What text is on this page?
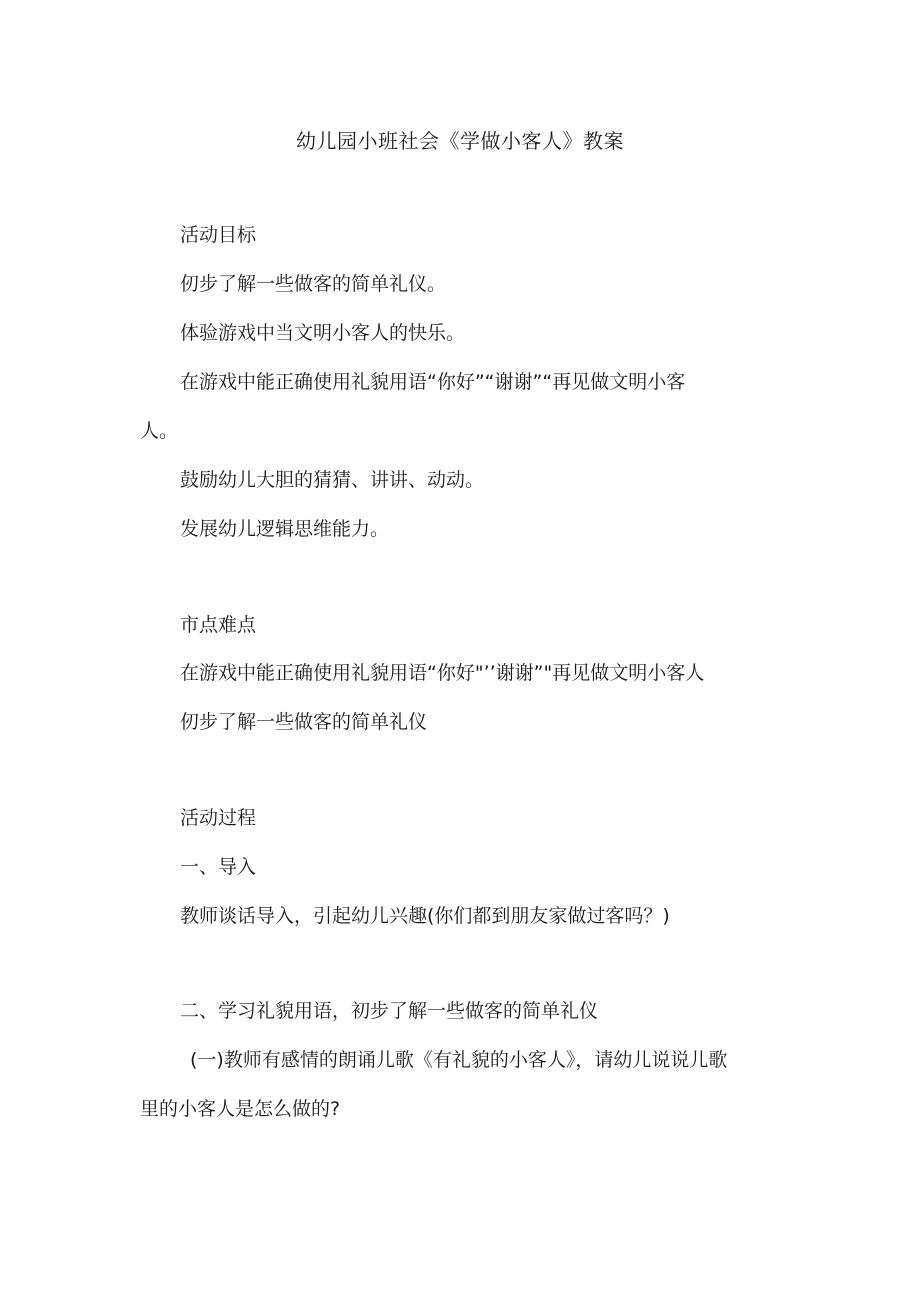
幼儿园小班社会《学做小客人》教案
活动目标
仞步了解一些做客的简单礼仪。
体验游戏中当文明小客人的快乐。
在游戏中能正确使用礼貌用语“你好”“谢谢”“再见做文明小客
人。
鼓励幼儿大胆的猜猜、讲讲、动动。
发展幼儿逻辑思维能力。
市点难点
在游戏中能正确使用礼貌用语“你好"’’谢谢”"再见做文明小客人
仞步了解一些做客的简单礼仪
活动过程
一、导入
教师谈话导入，引起幼儿兴趣(你们都到朋友家做过客吗？)
二、学习礼貌用语，初步了解一些做客的简单礼仪
(一)教师有感情的朗诵儿歌《有礼貌的小客人》，请幼儿说说儿歌
里的小客人是怎么做的?
